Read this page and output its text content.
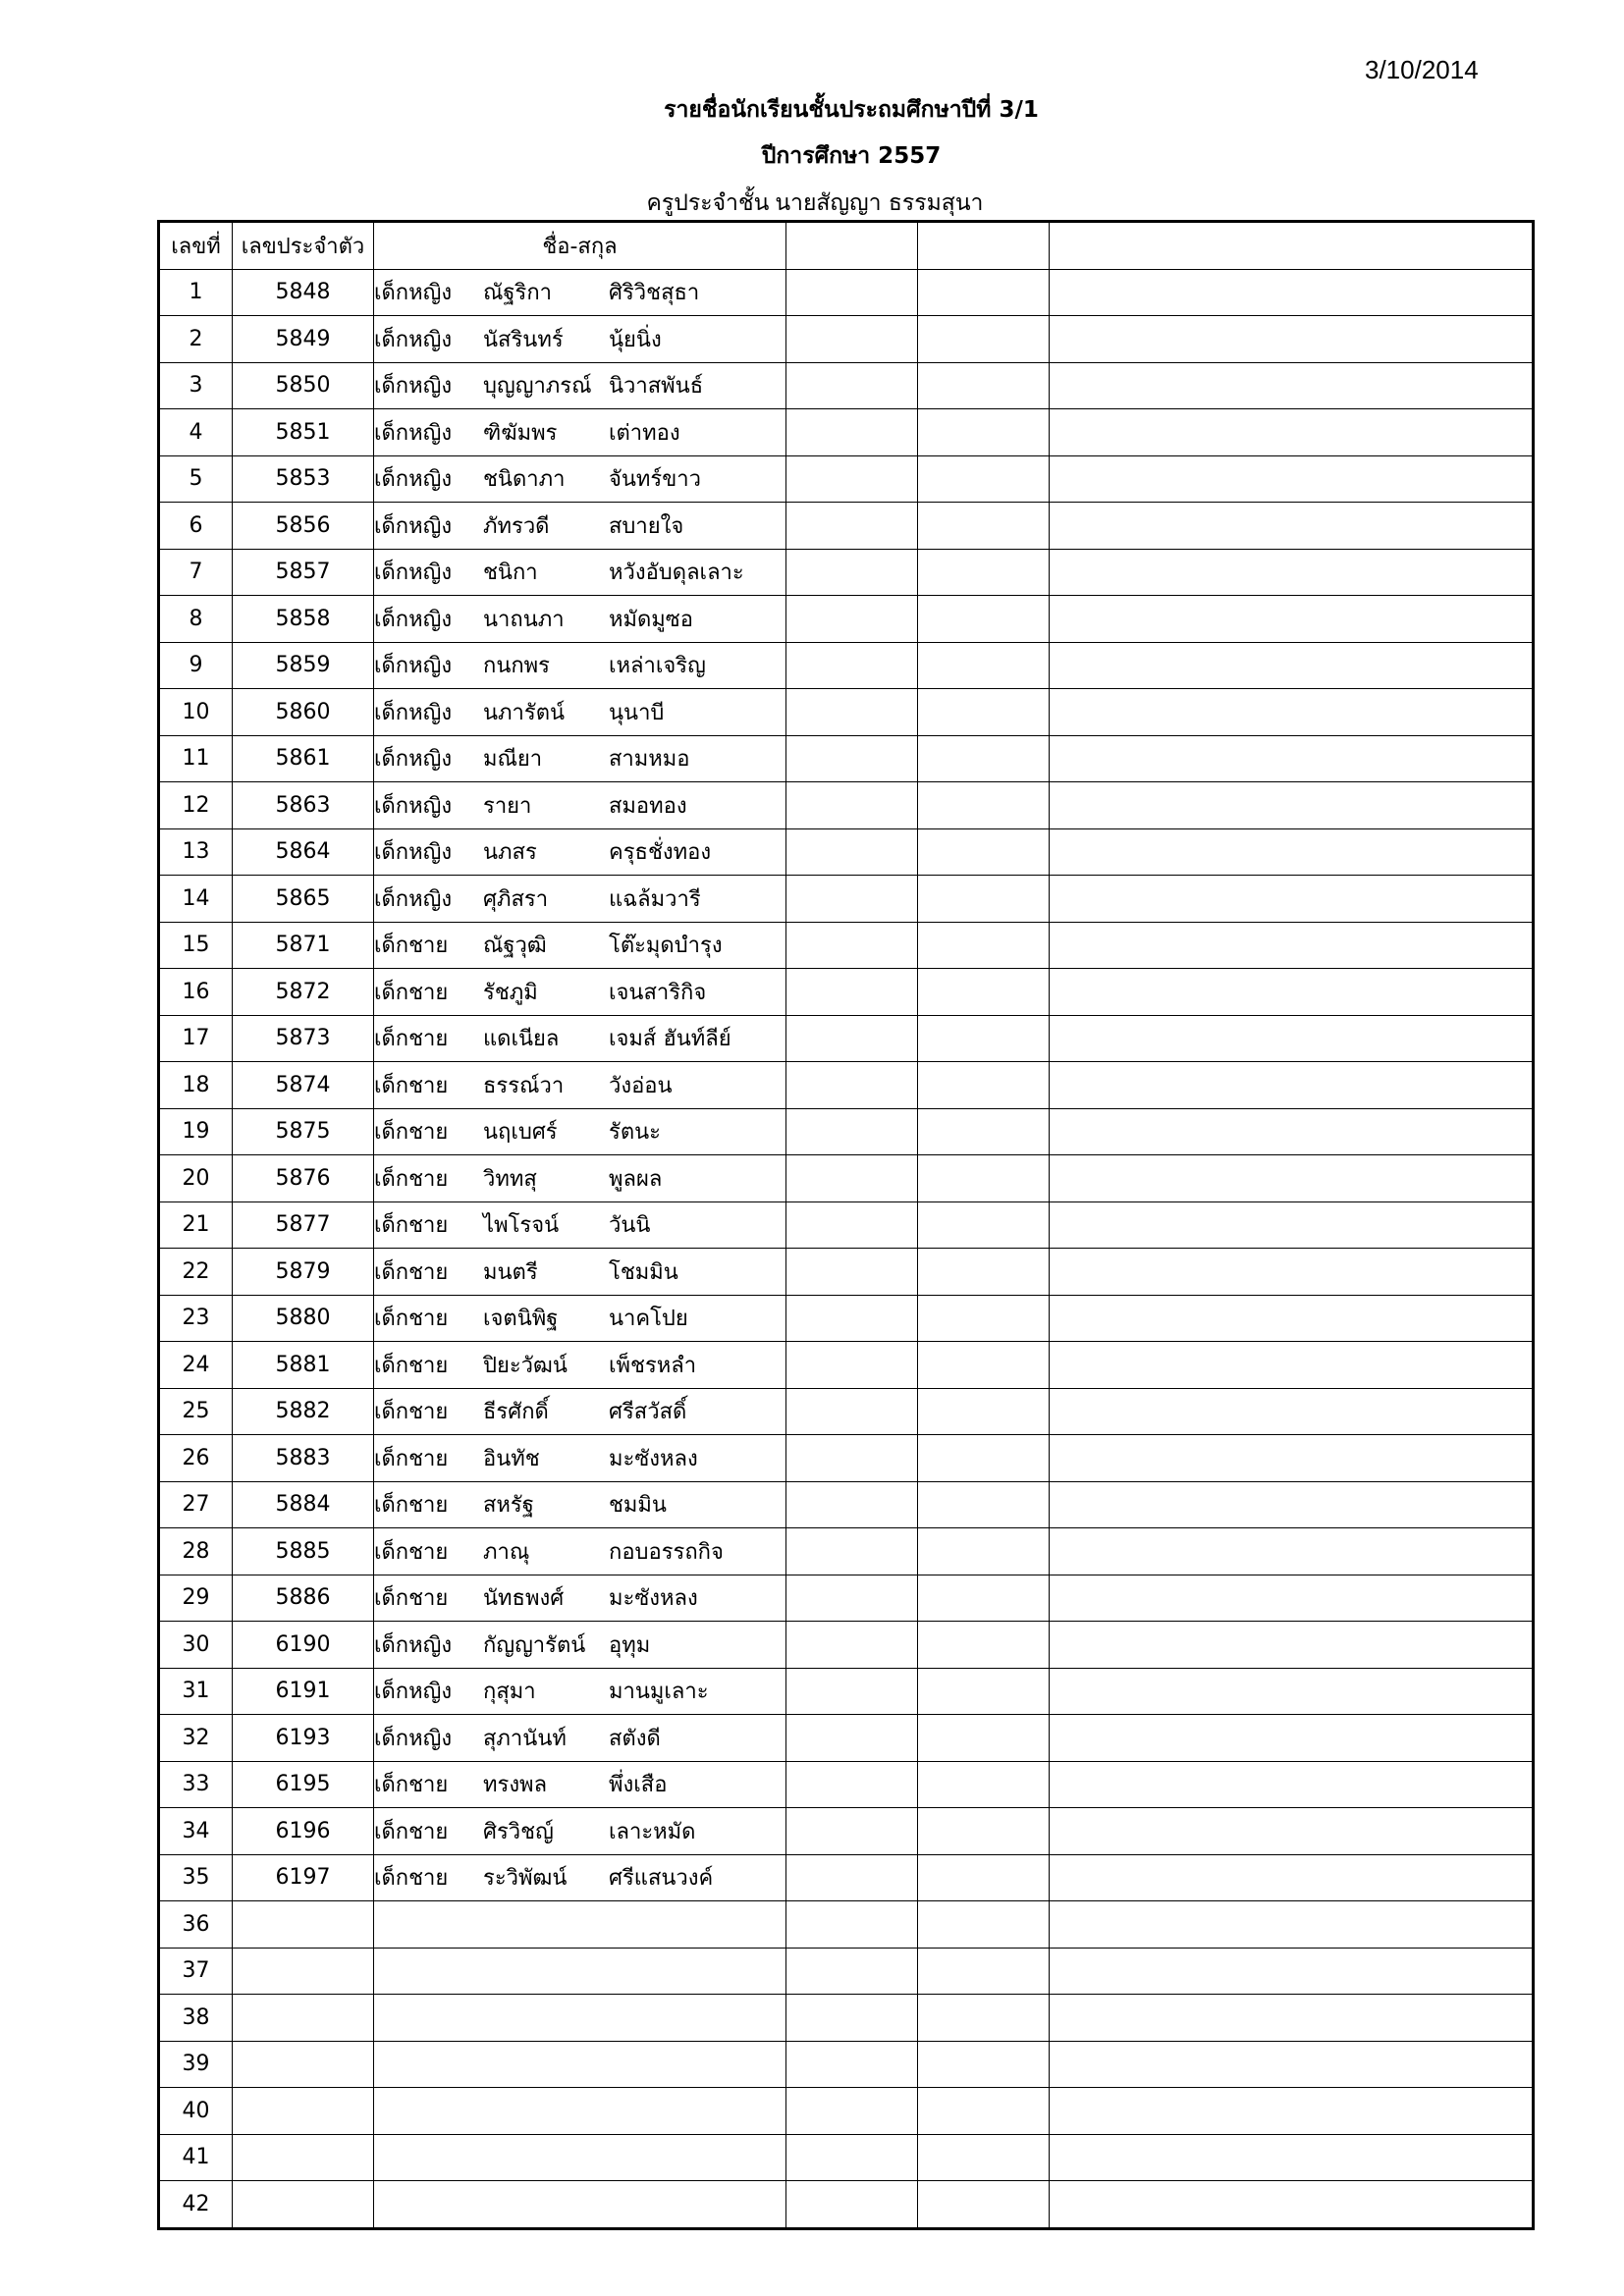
3/10/2014
รายชื่อนักเรียนชั้นประถมศึกษาปีที่ 3/1
ปีการศึกษา 2557
ครูประจำชั้น นายสัญญา ธรรมสุนา
เลขที่	เลขประจำตัว	ชื่อ-สกุล			
1	5848	เด็กหญิง ณัฐริกา ศิริวิชสุธา			
2	5849	เด็กหญิง นัสรินทร์ นุ้ยนิ่ง			
3	5850	เด็กหญิง บุญญาภรณ์ นิวาสพันธ์			
4	5851	เด็กหญิง ฑิฆัมพร เต่าทอง			
5	5853	เด็กหญิง ชนิดาภา จันทร์ขาว			
6	5856	เด็กหญิง ภัทรวดี สบายใจ			
7	5857	เด็กหญิง ชนิกา หวังอับดุลเลาะ			
8	5858	เด็กหญิง นาถนภา หมัดมูซอ			
9	5859	เด็กหญิง กนกพร เหล่าเจริญ			
10	5860	เด็กหญิง นภารัตน์ นุนาบี			
11	5861	เด็กหญิง มณียา สามหมอ			
12	5863	เด็กหญิง รายา สมอทอง			
13	5864	เด็กหญิง นภสร ครุธชั่งทอง			
14	5865	เด็กหญิง ศุภิสรา แฉล้มวารี			
15	5871	เด็กชาย ณัฐวุฒิ โต๊ะมุดบำรุง			
16	5872	เด็กชาย รัชภูมิ เจนสาริกิจ			
17	5873	เด็กชาย แดเนียล เจมส์ ฮันท์ลีย์			
18	5874	เด็กชาย ธรรณ์วา วังอ่อน			
19	5875	เด็กชาย นฤเบศร์ รัตนะ			
20	5876	เด็กชาย วิททสุ พูลผล			
21	5877	เด็กชาย ไพโรจน์ วันนิ			
22	5879	เด็กชาย มนตรี โชมมิน			
23	5880	เด็กชาย เจตนิพิฐ นาคโปย			
24	5881	เด็กชาย ปิยะวัฒน์ เพ็ชรหลำ			
25	5882	เด็กชาย ธีรศักดิ์ ศรีสวัสดิ์			
26	5883	เด็กชาย อินทัช มะซังหลง			
27	5884	เด็กชาย สหรัฐ ชมมิน			
28	5885	เด็กชาย ภาณุ กอบอรรถกิจ			
29	5886	เด็กชาย นัทธพงศ์ มะซังหลง			
30	6190	เด็กหญิง กัญญารัตน์ อุทุม			
31	6191	เด็กหญิง กุสุมา มานมูเลาะ			
32	6193	เด็กหญิง สุภานันท์ สตังดี			
33	6195	เด็กชาย ทรงพล พึ่งเสือ			
34	6196	เด็กชาย ศิรวิชญ์ เลาะหมัด			
35	6197	เด็กชาย ระวิพัฒน์ ศรีแสนวงค์			
36					
37					
38					
39					
40					
41					
42					
